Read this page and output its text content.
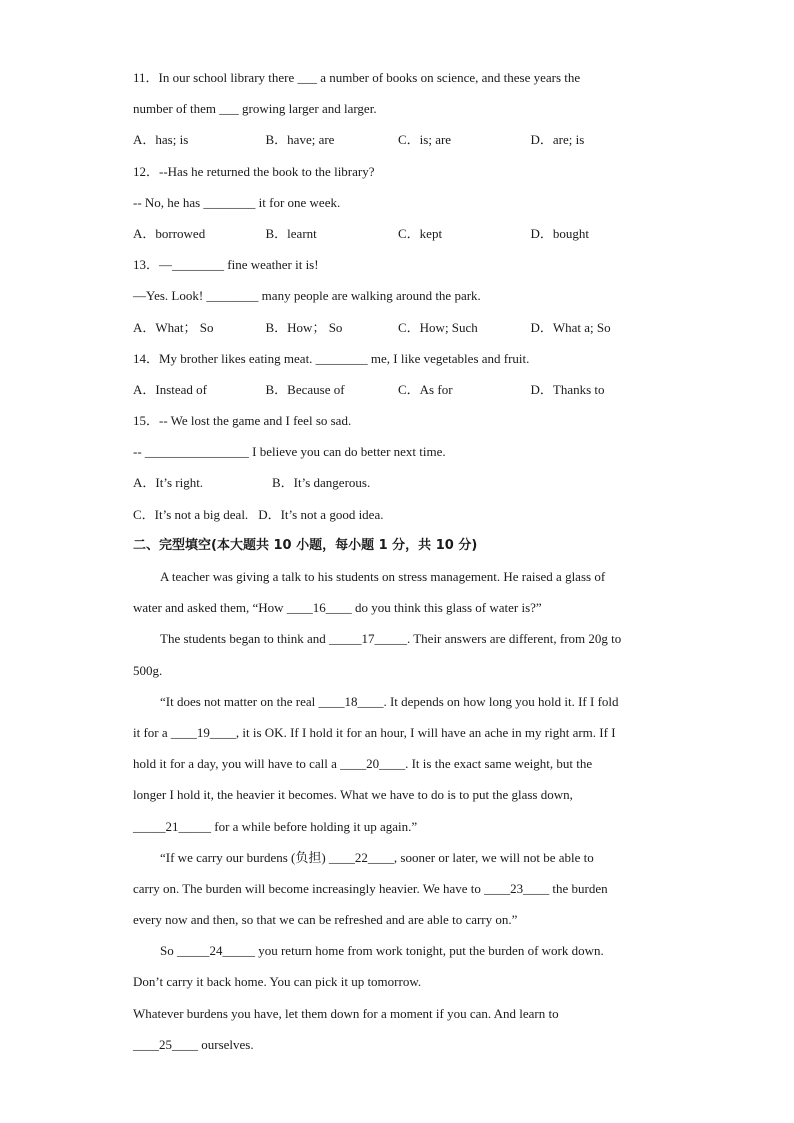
11．In our school library there ___ a number of books on science, and these years the
number of them ___ growing larger and larger.
A．has; is	B．have; are	C．is; are	D．are; is
12．--Has he returned the book to the library?
-- No, he has ________ it for one week.
A．borrowed	B．learnt	C．kept	D．bought
13．—________ fine weather it is!
—Yes. Look! ________ many people are walking around the park.
A．What； So	B．How； So	C．How; Such	D．What a; So
14．My brother likes eating meat. ________ me, I like vegetables and fruit.
A．Instead of	B．Because of	C．As for	D．Thanks to
15．-- We lost the game and I feel so sad.
-- ________________ I believe you can do better next time.
A．It’s right.	B．It’s dangerous.
C．It’s not a big deal. D．It’s not a good idea.
二、完型填空(本大题共 10 小题，每小题 1 分，共 10 分)
A teacher was giving a talk to his students on stress management. He raised a glass of
water and asked them, “How ____16____ do you think this glass of water is?”
The students began to think and _____17_____. Their answers are different, from 20g to
500g.
“It does not matter on the real ____18____. It depends on how long you hold it. If I fold
it for a ____19____, it is OK. If I hold it for an hour, I will have an ache in my right arm. If I
hold it for a day, you will have to call a ____20____. It is the exact same weight, but the
longer I hold it, the heavier it becomes. What we have to do is to put the glass down,
_____21_____ for a while before holding it up again.”
“If we carry our burdens (负担) ____22____, sooner or later, we will not be able to
carry on. The burden will become increasingly heavier. We have to ____23____ the burden
every now and then, so that we can be refreshed and are able to carry on.”
So _____24_____ you return home from work tonight, put the burden of work down.
Don’t carry it back home. You can pick it up tomorrow.
Whatever burdens you have, let them down for a moment if you can. And learn to
____25____ ourselves.
